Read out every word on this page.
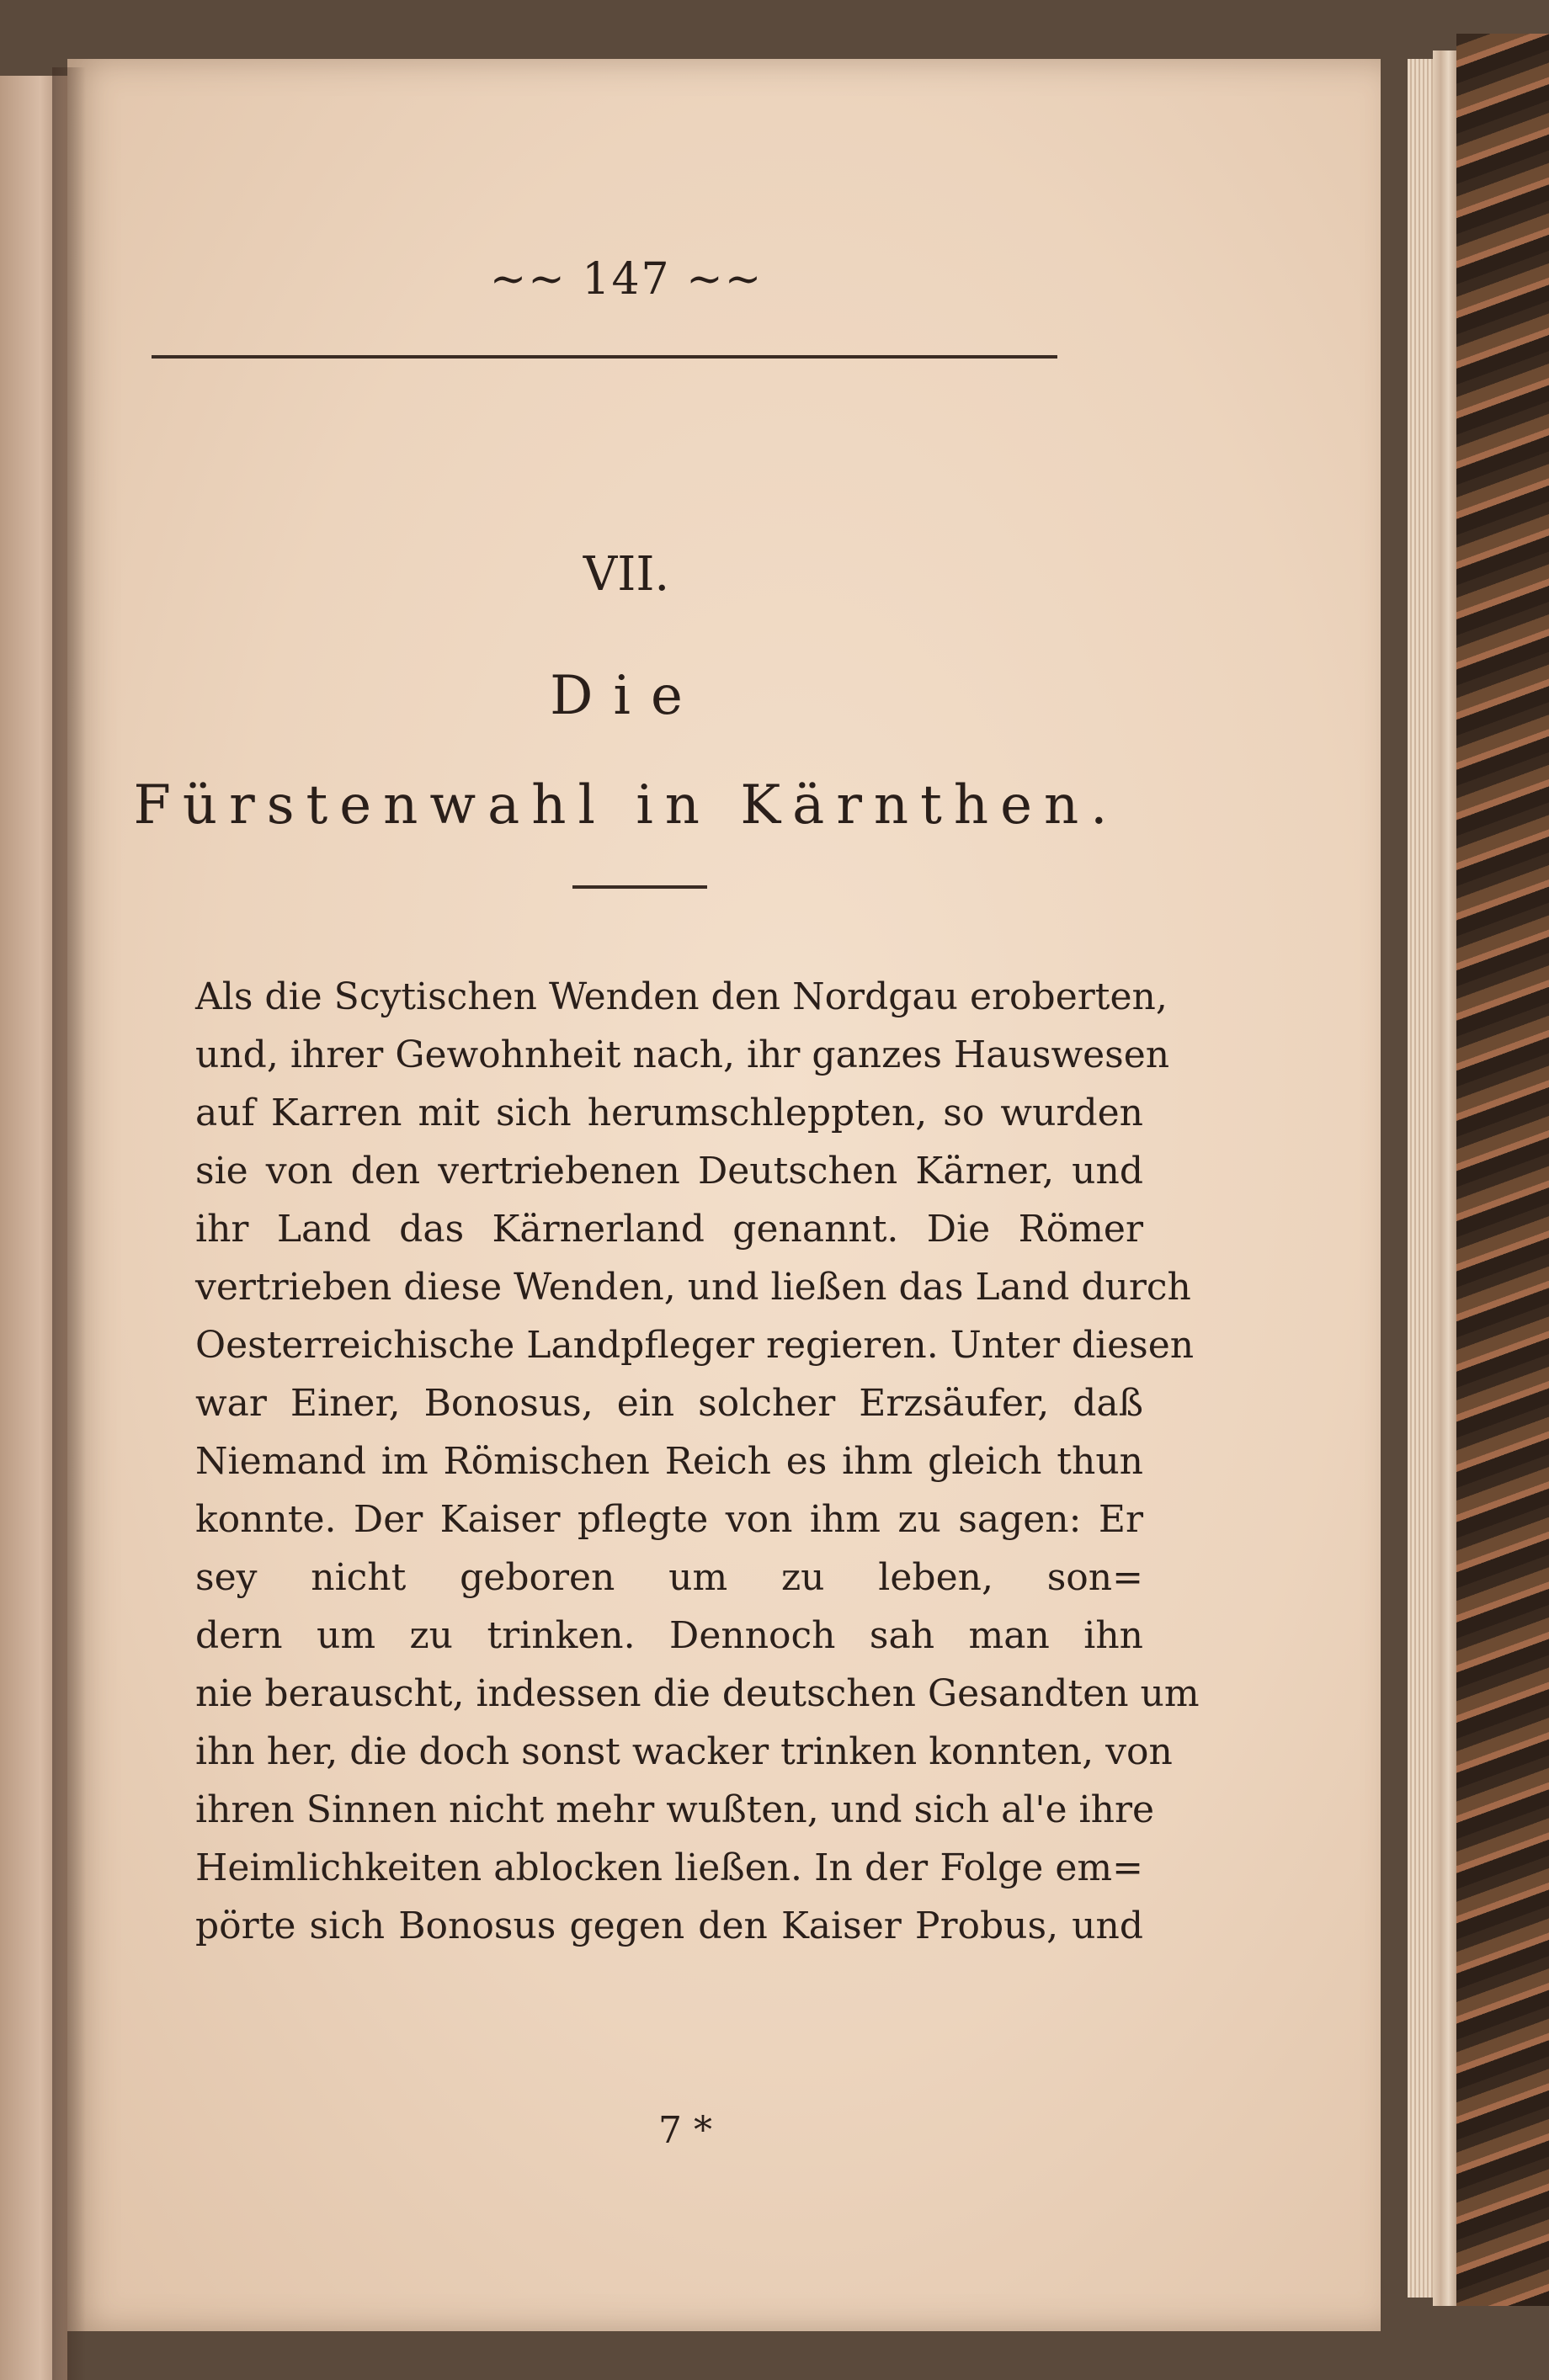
~~ 147 ~~
VII.
Die
Fürstenwahl in Kärnthen.
Als die Scytischen Wenden den Nordgau eroberten,
und, ihrer Gewohnheit nach, ihr ganzes Hauswesen
auf Karren mit sich herumschleppten, so wurden
sie von den vertriebenen Deutschen Kärner, und
ihr Land das Kärnerland genannt. Die Römer
vertrieben diese Wenden, und ließen das Land durch
Oesterreichische Landpfleger regieren. Unter diesen
war Einer, Bonosus, ein solcher Erzsäufer, daß
Niemand im Römischen Reich es ihm gleich thun
konnte. Der Kaiser pflegte von ihm zu sagen: Er
sey nicht geboren um zu leben, son=
dern um zu trinken. Dennoch sah man ihn
nie berauscht, indessen die deutschen Gesandten um
ihn her, die doch sonst wacker trinken konnten, von
ihren Sinnen nicht mehr wußten, und sich al'e ihre
Heimlichkeiten ablocken ließen. In der Folge em=
pörte sich Bonosus gegen den Kaiser Probus, und
7 *
